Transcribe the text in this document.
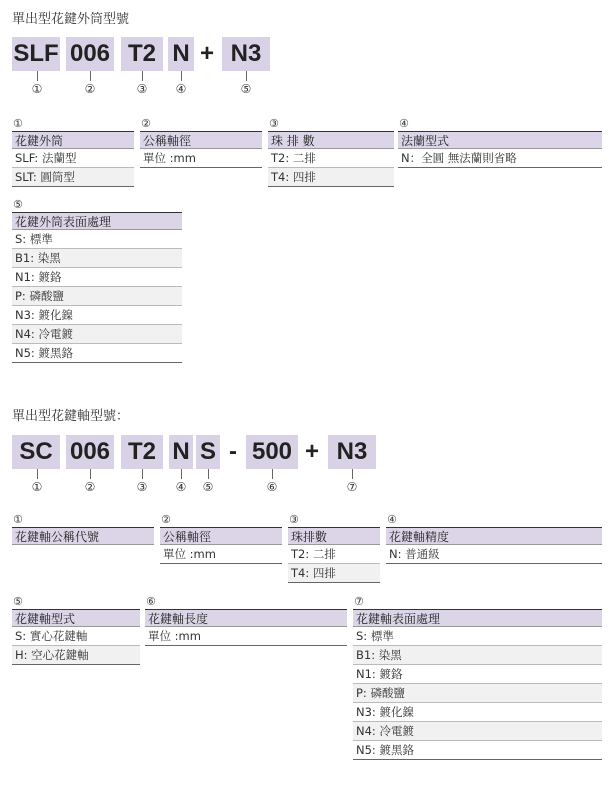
單出型花鍵外筒型號
SLF 006 T2 N + N3
①	②	③ ④	⑤
①
花鍵外筒
SLF: 法蘭型
SLT: 圓筒型
②
公稱軸徑
單位 :mm
③
珠 排 數
T2: 二排
T4: 四排
④
法蘭型式
N：全圓 無法蘭則省略
⑤
花鍵外筒表面處理
S: 標準
B1: 染黑
N1: 鍍鉻
P: 磷酸鹽
N3: 鍍化鎳
N4: 冷電鍍
N5: 鍍黑鉻
單出型花鍵軸型號：
SC 006 T2 N S - 500 + N3
①	②	③ ④ ⑤	⑥	⑦
①
花鍵軸公稱代號
②
公稱軸徑
單位 :mm
③
珠排數
T2: 二排
T4: 四排
④
花鍵軸精度
N: 普通級
⑤
花鍵軸型式
S: 實心花鍵軸
H: 空心花鍵軸
⑥
花鍵軸長度
單位 :mm
⑦
花鍵軸表面處理
S: 標準
B1: 染黑
N1: 鍍鉻
P: 磷酸鹽
N3: 鍍化鎳
N4: 冷電鍍
N5: 鍍黑鉻
